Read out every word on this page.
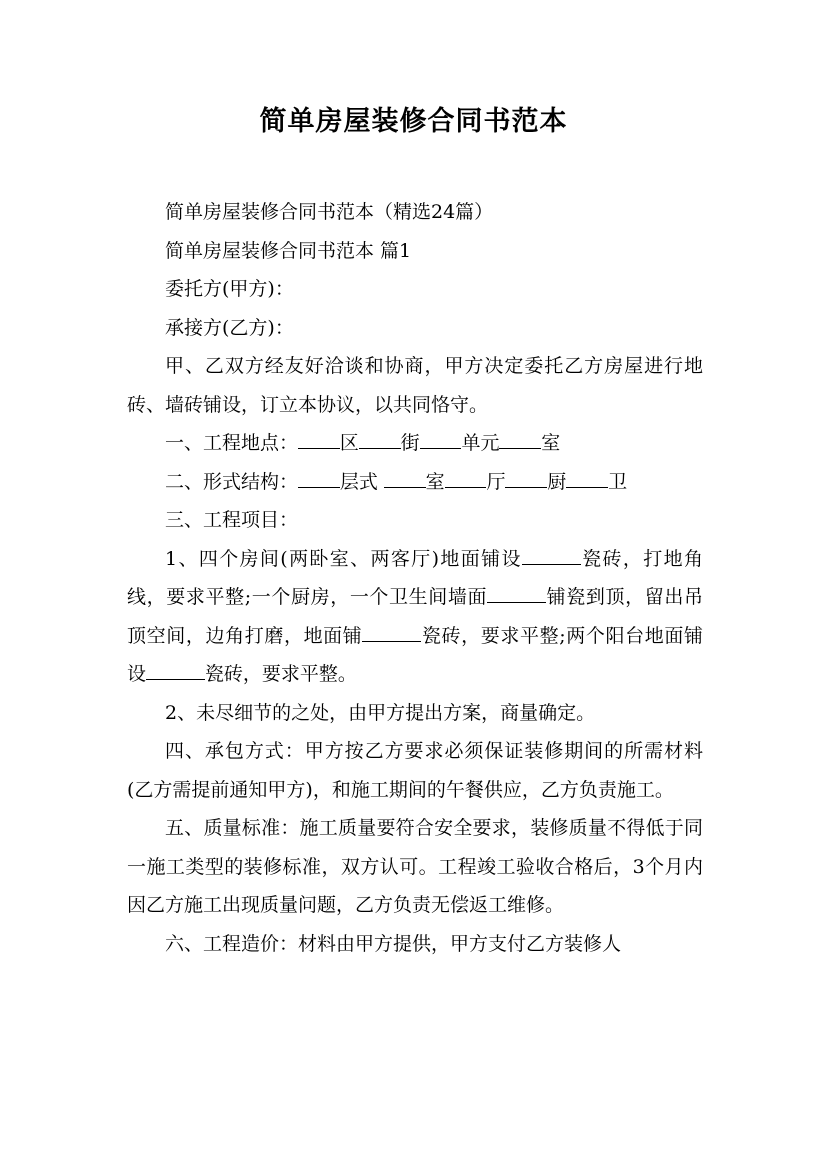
简单房屋装修合同书范本

简单房屋装修合同书范本（精选24篇）

简单房屋装修合同书范本 篇1

委托方(甲方)：

承接方(乙方)：

甲、乙双方经友好洽谈和协商，甲方决定委托乙方房屋进行地砖、墙砖铺设，订立本协议，以共同恪守。

一、工程地点： 区 街 单元 室

二、形式结构： 层式 室 厅 厨 卫

三、工程项目：

1、四个房间(两卧室、两客厅)地面铺设	瓷砖，打地角线，要求平整;一个厨房，一个卫生间墙面	铺瓷到顶，留出吊顶空间，边角打磨，地面铺	瓷砖，要求平整;两个阳台地面铺设	瓷砖，要求平整。

2、未尽细节的之处，由甲方提出方案，商量确定。

四、承包方式：甲方按乙方要求必须保证装修期间的所需材料(乙方需提前通知甲方)，和施工期间的午餐供应，乙方负责施工。

五、质量标准：施工质量要符合安全要求，装修质量不得低于同一施工类型的装修标准，双方认可。工程竣工验收合格后，3个月内因乙方施工出现质量问题，乙方负责无偿返工维修。

六、工程造价：材料由甲方提供，甲方支付乙方装修人
